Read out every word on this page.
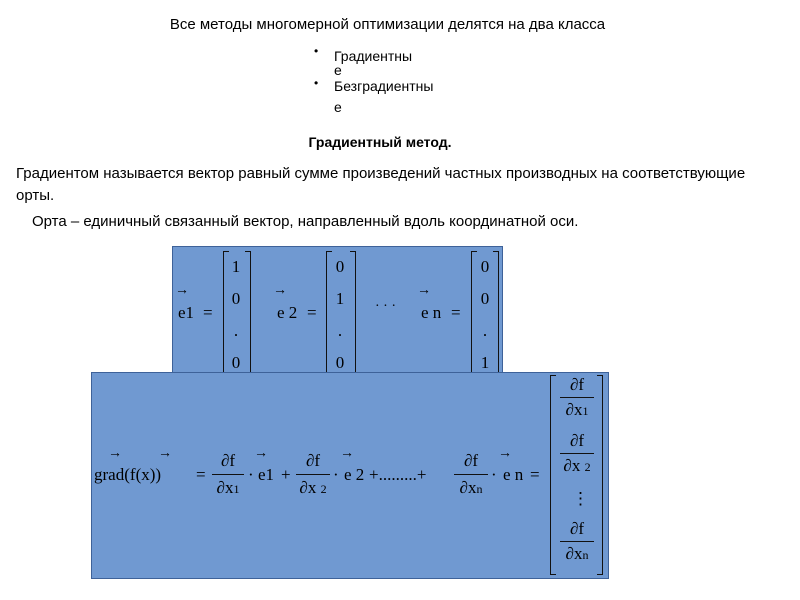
Все методы многомерной оптимизации делятся на два класса
• Градиентны
е
• Безградиентны
е
Градиентный метод.
Градиентом называется вектор равный сумме произведений частных производных на соответствующие орты.
Орта – единичный связанный вектор, направленный вдоль координатной оси.
→
e1 =
1
0
.
0
→
e 2 =
0
1
.
0
· · ·
→
e n =
0
0
.
1
→	→
grad(f(x)) =
∂f
∂x1
·
→
e1 +
∂f
∂x 2
·
→
e 2 +.........+
∂f
∂xn
·
→
e n =
∂f
∂x1
∂f
∂x 2
⋮
∂f
∂xn
